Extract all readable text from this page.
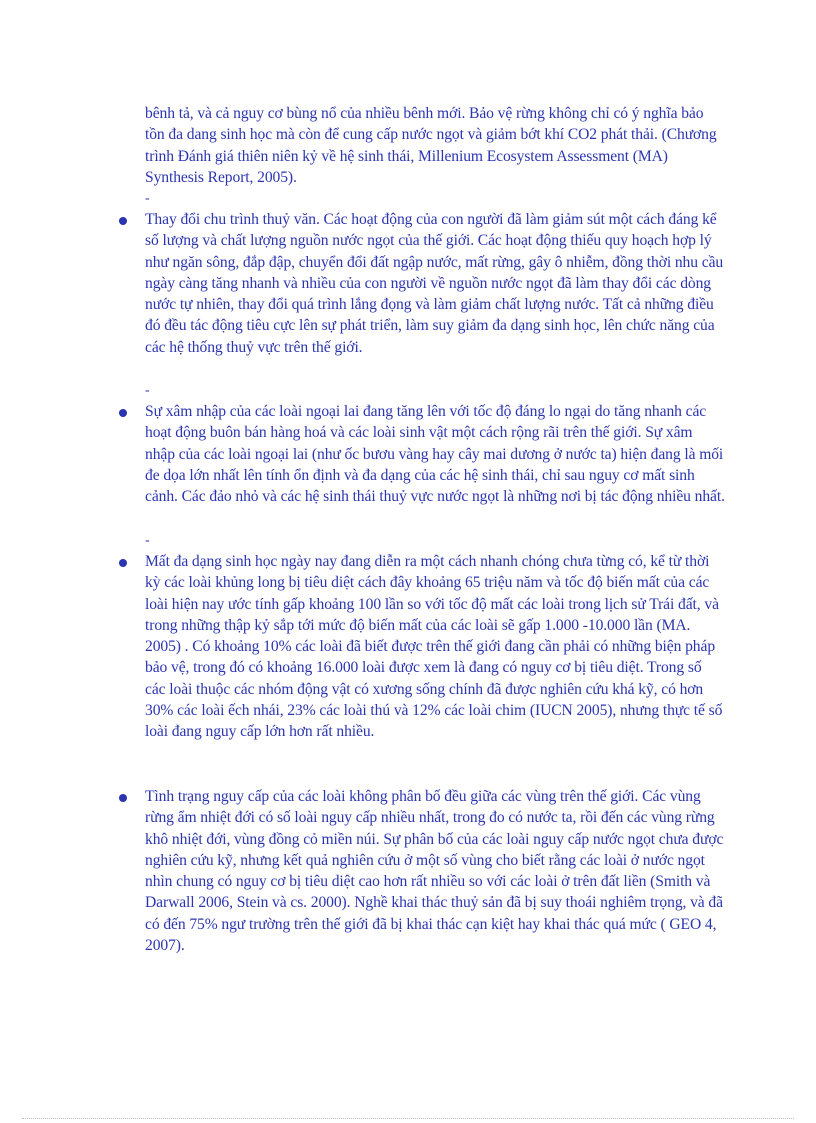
bênh tả, và cả nguy cơ bùng nổ của nhiều bênh mới. Bảo vệ rừng không chỉ có ý nghĩa bảo tồn đa dang sinh học mà còn để cung cấp nước ngọt và giảm bớt khí CO2 phát thải. (Chương trình Đánh giá thiên niên kỷ về hệ sinh thái, Millenium Ecosystem Assessment (MA) Synthesis Report, 2005).

-

Thay đổi chu trình thuỷ văn. Các hoạt động của con người đã làm giảm sút một cách đáng kể số lượng và chất lượng nguồn nước ngọt của thế giới. Các hoạt động thiếu quy hoạch hợp lý như ngăn sông, đắp đập, chuyển đổi đất ngập nước, mất rừng, gây ô nhiễm, đồng thời nhu cầu ngày càng tăng nhanh và nhiều của con người về nguồn nước ngọt đã làm thay đổi các dòng nước tự nhiên, thay đổi quá trình lắng đọng và làm giảm chất lượng nước. Tất cả những điều đó đều tác động tiêu cực lên sự phát triển, làm suy giảm đa dạng sinh học, lên chức năng của các hệ thống thuỷ vực trên thế giới.

-

Sự xâm nhập của các loài ngoại lai đang tăng lên với tốc độ đáng lo ngại do tăng nhanh các hoạt động buôn bán hàng hoá và các loài sinh vật một cách rộng rãi trên thế giới. Sự xâm nhập của các loài ngoại lai (như ốc bươu vàng hay cây mai dương ở nước ta) hiện đang là mối đe dọa lớn nhất lên tính ổn định và đa dạng của các hệ sinh thái, chỉ sau nguy cơ mất sinh cảnh. Các đảo nhỏ và các hệ sinh thái thuỷ vực nước ngọt là những nơi bị tác động nhiều nhất.

-

Mất đa dạng sinh học ngày nay đang diễn ra một cách nhanh chóng chưa từng có, kể từ thời kỳ các loài khủng long bị tiêu diệt cách đây khoảng 65 triệu năm và tốc độ biến mất của các loài hiện nay ước tính gấp khoảng 100 lần so với tốc độ mất các loài trong lịch sử Trái đất, và trong những thập kỷ sắp tới mức độ biến mất của các loài sẽ gấp 1.000 -10.000 lần (MA. 2005) . Có khoảng 10% các loài đã biết được trên thế giới đang cần phải có những biện pháp bảo vệ, trong đó có khoảng 16.000 loài được xem là đang có nguy cơ bị tiêu diệt. Trong số các loài thuộc các nhóm động vật có xương sống chính đã được nghiên cứu khá kỹ, có hơn 30% các loài ếch nhái, 23% các loài thú và 12% các loài chim (IUCN 2005), nhưng thực tế số loài đang nguy cấp lớn hơn rất nhiều.

Tình trạng nguy cấp của các loài không phân bố đều giữa các vùng trên thế giới. Các vùng rừng ẩm nhiệt đới có số loài nguy cấp nhiều nhất, trong đo có nước ta, rồi đến các vùng rừng khô nhiệt đới, vùng đồng cỏ miền núi. Sự phân bố của các loài nguy cấp nước ngọt chưa được nghiên cứu kỹ, nhưng kết quả nghiên cứu ở một số vùng cho biết rằng các loài ở nước ngọt nhìn chung có nguy cơ bị tiêu diệt cao hơn rất nhiều so với các loài ở trên đất liền (Smith và Darwall 2006, Stein và cs. 2000). Nghề khai thác thuỷ sản đã bị suy thoái nghiêm trọng, và đã có đến 75% ngư trường trên thế giới đã bị khai thác cạn kiệt hay khai thác quá mức ( GEO 4, 2007).
